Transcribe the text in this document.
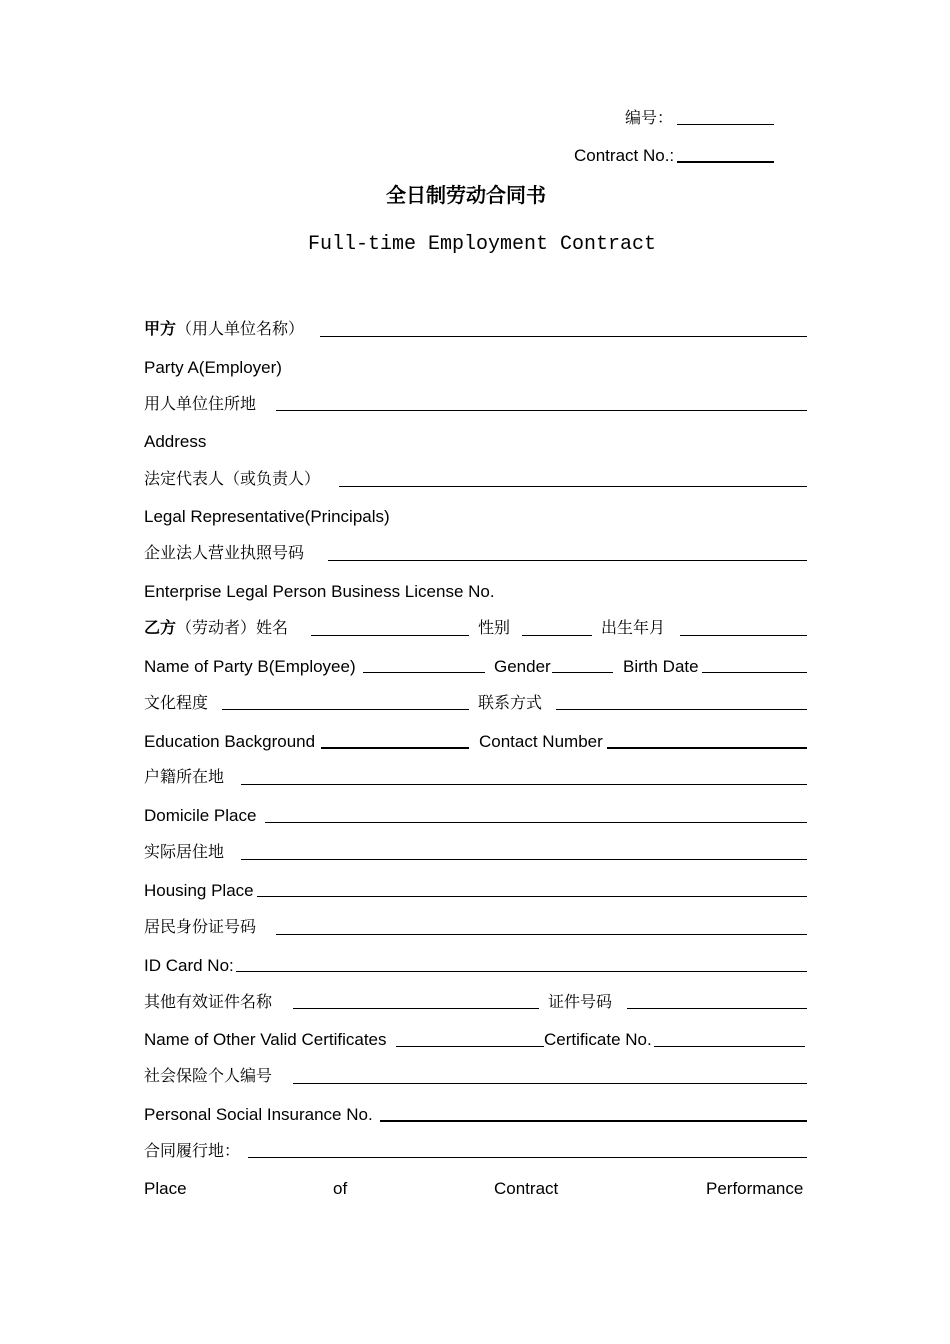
编号：
Contract No.:
全日制劳动合同书
Full-time Employment Contract
甲方 （用人单位名称）
Party A(Employer)
用人单位住所地
Address
法定代表人（或负责人）
Legal Representative(Principals)
企业法人营业执照号码
Enterprise Legal Person Business License No.
乙方 （劳动者）姓名	性别	出生年月
Name of Party B(Employee)	Gender	Birth Date
文化程度	联系方式
Education Background	Contact Number
户籍所在地
Domicile Place
实际居住地
Housing Place
居民身份证号码
ID Card No:
其他有效证件名称	证件号码
Name of Other Valid Certificates	Certificate No.
社会保险个人编号
Personal Social Insurance No.
合同履行地：
Place	of	Contract	Performance
